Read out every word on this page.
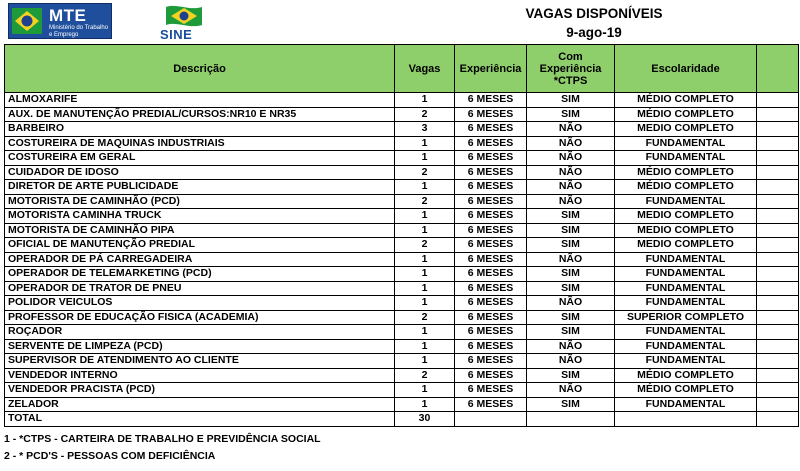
MTE
Ministério do Trabalho e Emprego	SINE
VAGAS DISPONÍVEIS
9-ago-19
Descrição	Vagas	Experiência	Com Experiência *CTPS	Escolaridade	
ALMOXARIFE	1	6 MESES	SIM	MÉDIO COMPLETO	
AUX. DE MANUTENÇÃO PREDIAL/CURSOS:NR10 E NR35	2	6 MESES	SIM	MÉDIO COMPLETO	
BARBEIRO	3	6 MESES	NÃO	MEDIO COMPLETO	
COSTUREIRA DE MAQUINAS INDUSTRIAIS	1	6 MESES	NÃO	FUNDAMENTAL	
COSTUREIRA EM GERAL	1	6 MESES	NÃO	FUNDAMENTAL	
CUIDADOR DE IDOSO	2	6 MESES	NÃO	MÉDIO COMPLETO	
DIRETOR DE ARTE PUBLICIDADE	1	6 MESES	NÃO	MÉDIO COMPLETO	
MOTORISTA DE CAMINHÃO (PCD)	2	6 MESES	NÃO	FUNDAMENTAL	
MOTORISTA CAMINHA TRUCK	1	6 MESES	SIM	MEDIO COMPLETO	
MOTORISTA DE CAMINHÃO PIPA	1	6 MESES	SIM	MEDIO COMPLETO	
OFICIAL DE MANUTENÇÃO PREDIAL	2	6 MESES	SIM	MEDIO COMPLETO	
OPERADOR DE PÁ CARREGADEIRA	1	6 MESES	NÃO	FUNDAMENTAL	
OPERADOR DE TELEMARKETING (PCD)	1	6 MESES	SIM	FUNDAMENTAL	
OPERADOR DE TRATOR DE PNEU	1	6 MESES	SIM	FUNDAMENTAL	
POLIDOR VEICULOS	1	6 MESES	NÃO	FUNDAMENTAL	
PROFESSOR DE EDUCAÇÃO FISICA (ACADEMIA)	2	6 MESES	SIM	SUPERIOR COMPLETO	
ROÇADOR	1	6 MESES	SIM	FUNDAMENTAL	
SERVENTE DE LIMPEZA (PCD)	1	6 MESES	NÃO	FUNDAMENTAL	
SUPERVISOR DE ATENDIMENTO AO CLIENTE	1	6 MESES	NÃO	FUNDAMENTAL	
VENDEDOR INTERNO	2	6 MESES	SIM	MÉDIO COMPLETO	
VENDEDOR PRACISTA (PCD)	1	6 MESES	NÃO	MÉDIO COMPLETO	
ZELADOR	1	6 MESES	SIM	FUNDAMENTAL	
TOTAL	30				
1 - *CTPS - CARTEIRA DE TRABALHO E PREVIDÊNCIA SOCIAL
2 - * PCD'S - PESSOAS COM DEFICIÊNCIA
